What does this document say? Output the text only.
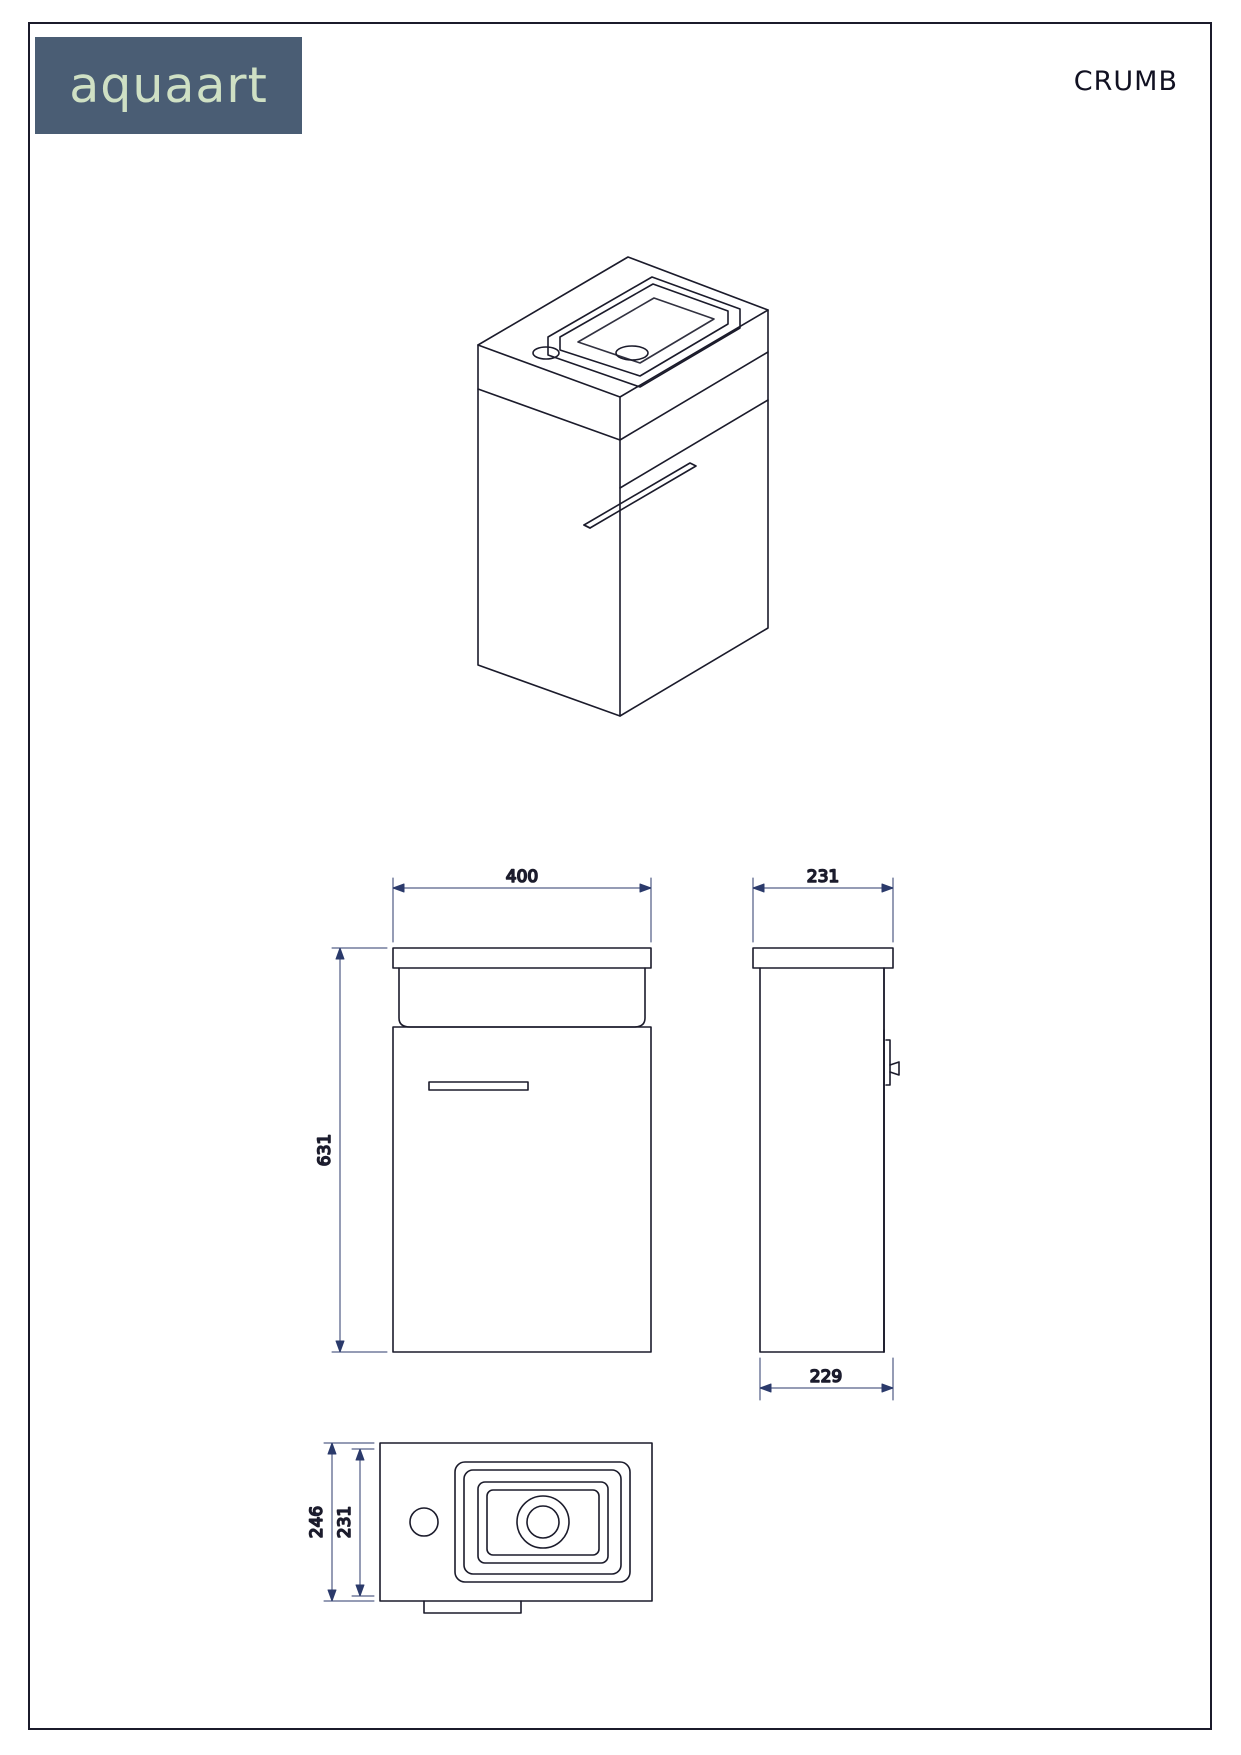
aquaart	CRUMB
400
631
231
229
246 231
